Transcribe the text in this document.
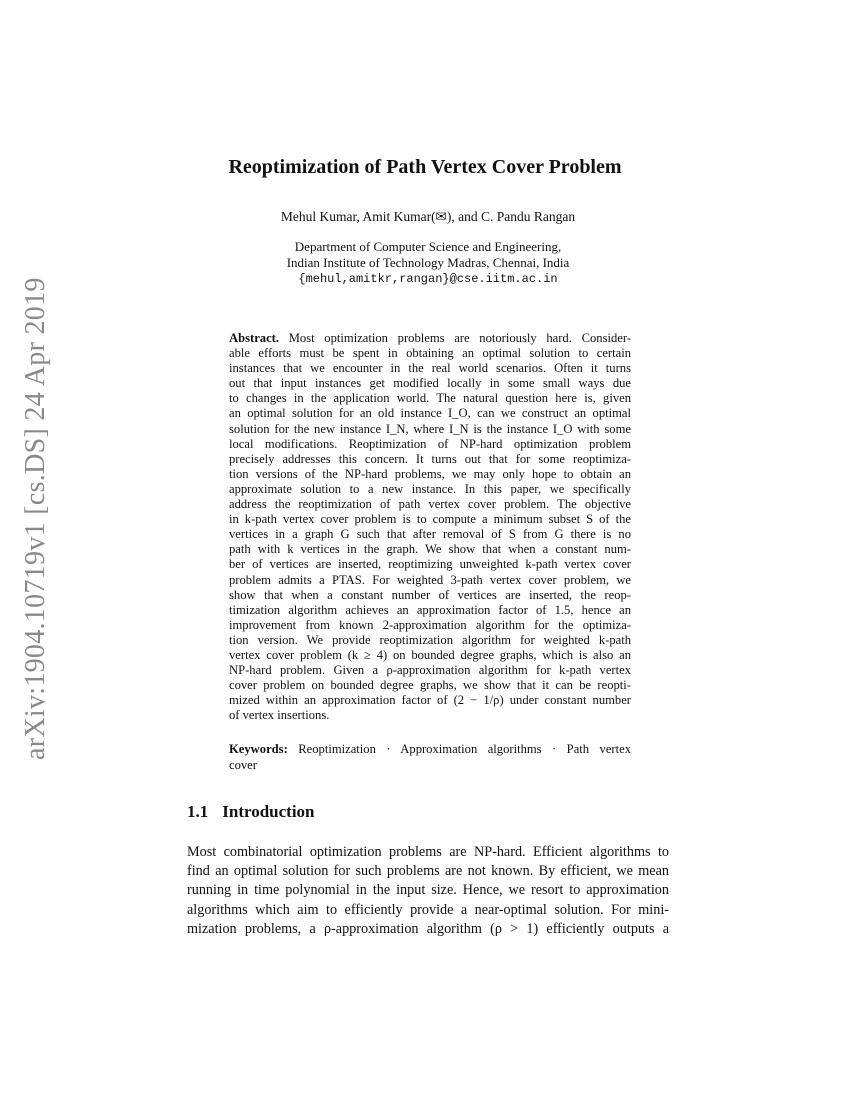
arXiv:1904.10719v1 [cs.DS] 24 Apr 2019
Reoptimization of Path Vertex Cover Problem
Mehul Kumar, Amit Kumar(✉), and C. Pandu Rangan
Department of Computer Science and Engineering,
Indian Institute of Technology Madras, Chennai, India
{mehul,amitkr,rangan}@cse.iitm.ac.in
Abstract. Most optimization problems are notoriously hard. Consider-
able efforts must be spent in obtaining an optimal solution to certain
instances that we encounter in the real world scenarios. Often it turns
out that input instances get modified locally in some small ways due
to changes in the application world. The natural question here is, given
an optimal solution for an old instance I_O, can we construct an optimal
solution for the new instance I_N, where I_N is the instance I_O with some
local modifications. Reoptimization of NP-hard optimization problem
precisely addresses this concern. It turns out that for some reoptimiza-
tion versions of the NP-hard problems, we may only hope to obtain an
approximate solution to a new instance. In this paper, we specifically
address the reoptimization of path vertex cover problem. The objective
in k-path vertex cover problem is to compute a minimum subset S of the
vertices in a graph G such that after removal of S from G there is no
path with k vertices in the graph. We show that when a constant num-
ber of vertices are inserted, reoptimizing unweighted k-path vertex cover
problem admits a PTAS. For weighted 3-path vertex cover problem, we
show that when a constant number of vertices are inserted, the reop-
timization algorithm achieves an approximation factor of 1.5, hence an
improvement from known 2-approximation algorithm for the optimiza-
tion version. We provide reoptimization algorithm for weighted k-path
vertex cover problem (k ≥ 4) on bounded degree graphs, which is also an
NP-hard problem. Given a ρ-approximation algorithm for k-path vertex
cover problem on bounded degree graphs, we show that it can be reopti-
mized within an approximation factor of (2 − 1/ρ) under constant number
of vertex insertions.
Keywords: Reoptimization · Approximation algorithms · Path vertex
cover
1.1 Introduction
Most combinatorial optimization problems are NP-hard. Efficient algorithms to
find an optimal solution for such problems are not known. By efficient, we mean
running in time polynomial in the input size. Hence, we resort to approximation
algorithms which aim to efficiently provide a near-optimal solution. For mini-
mization problems, a ρ-approximation algorithm (ρ > 1) efficiently outputs a
